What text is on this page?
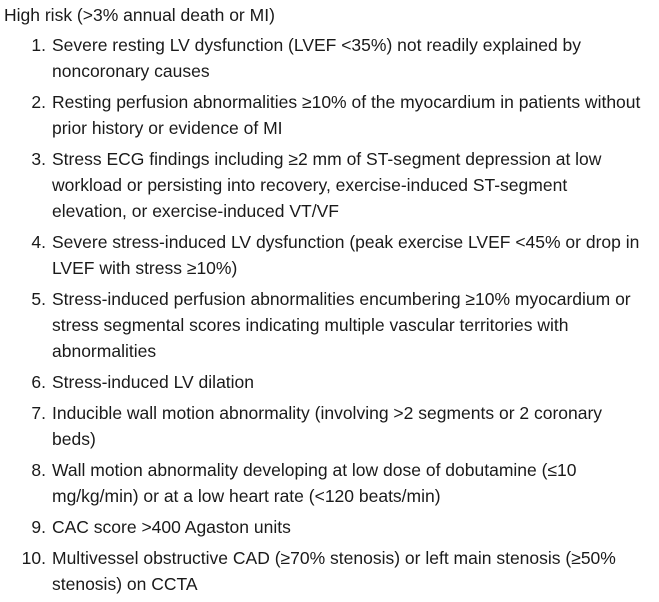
High risk (>3% annual death or MI)
1. Severe resting LV dysfunction (LVEF <35%) not readily explained by noncoronary causes
2. Resting perfusion abnormalities ≥10% of the myocardium in patients without prior history or evidence of MI
3. Stress ECG findings including ≥2 mm of ST-segment depression at low workload or persisting into recovery, exercise-induced ST-segment elevation, or exercise-induced VT/VF
4. Severe stress-induced LV dysfunction (peak exercise LVEF <45% or drop in LVEF with stress ≥10%)
5. Stress-induced perfusion abnormalities encumbering ≥10% myocardium or stress segmental scores indicating multiple vascular territories with abnormalities
6. Stress-induced LV dilation
7. Inducible wall motion abnormality (involving >2 segments or 2 coronary beds)
8. Wall motion abnormality developing at low dose of dobutamine (≤10 mg/kg/min) or at a low heart rate (<120 beats/min)
9. CAC score >400 Agaston units
10. Multivessel obstructive CAD (≥70% stenosis) or left main stenosis (≥50% stenosis) on CCTA
